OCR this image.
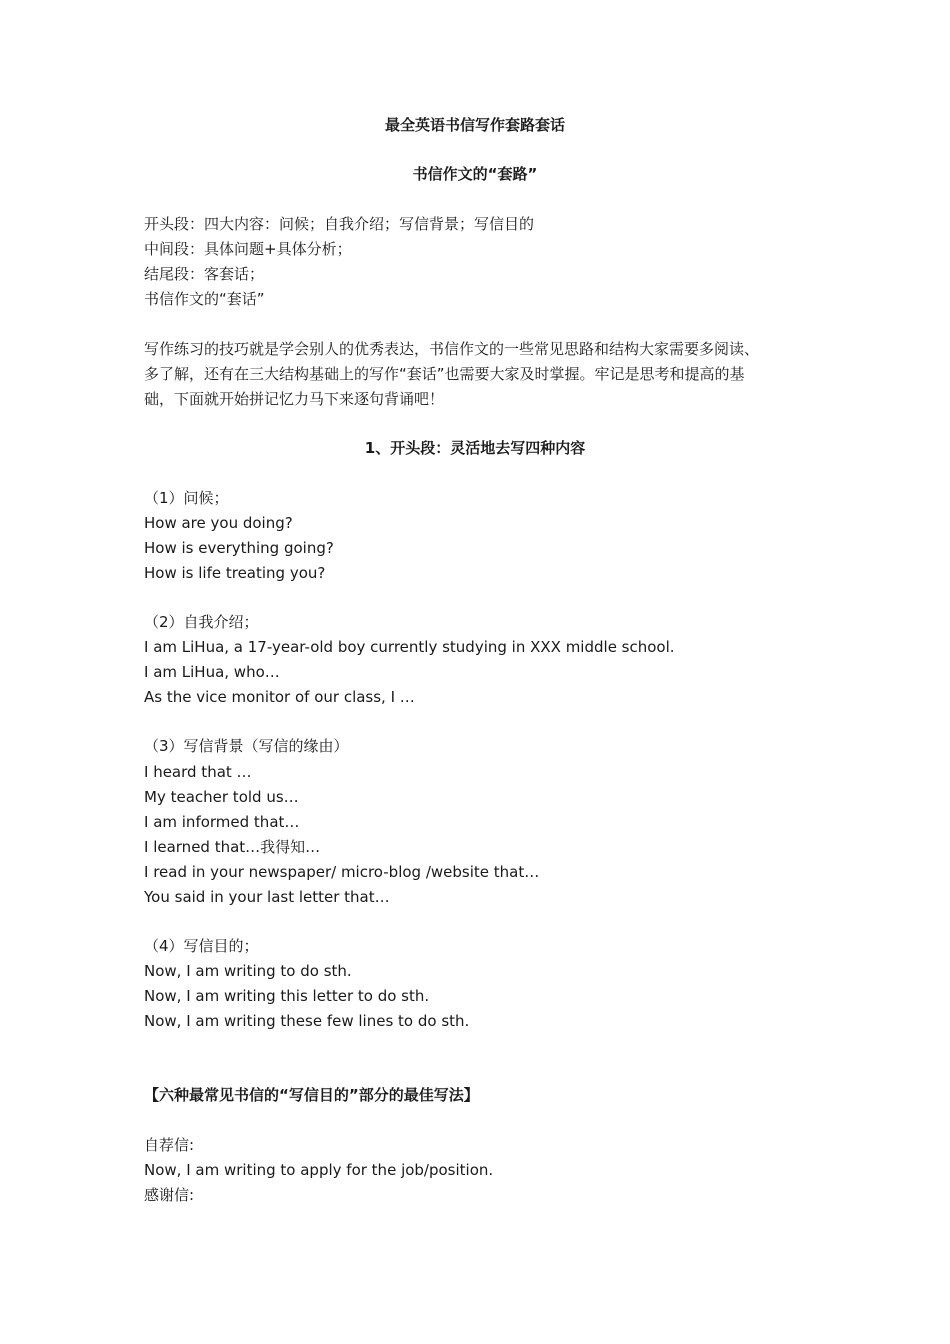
最全英语书信写作套路套话
书信作文的“套路”
开头段：四大内容：问候；自我介绍；写信背景；写信目的
中间段：具体问题+具体分析；
结尾段：客套话；
书信作文的“套话”
写作练习的技巧就是学会别人的优秀表达，书信作文的一些常见思路和结构大家需要多阅读、
多了解，还有在三大结构基础上的写作“套话”也需要大家及时掌握。牢记是思考和提高的基
础，下面就开始拼记忆力马下来逐句背诵吧！
1、开头段：灵活地去写四种内容
（1）问候；
How are you doing?
How is everything going?
How is life treating you?
（2）自我介绍；
I am LiHua, a 17-year-old boy currently studying in XXX middle school.
I am LiHua, who…
As the vice monitor of our class, I …
（3）写信背景（写信的缘由）
I heard that …
My teacher told us…
I am informed that…
I learned that…我得知…
I read in your newspaper/ micro-blog /website that…
You said in your last letter that…
（4）写信目的；
Now, I am writing to do sth.
Now, I am writing this letter to do sth.
Now, I am writing these few lines to do sth.
【六种最常见书信的“写信目的”部分的最佳写法】
自荐信:
Now, I am writing to apply for the job/position.
感谢信:
